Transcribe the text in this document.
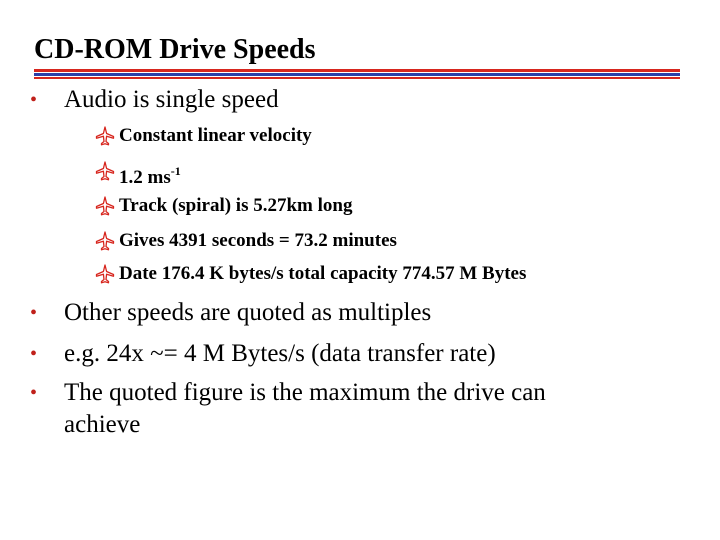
CD-ROM Drive Speeds
• Audio is single speed
Constant linear velocity
1.2 $ms^{-1}$
Track (spiral) is 5.27km long
Gives 4391 seconds = 73.2 minutes
Date 176.4 K bytes/s total capacity 774.57 M Bytes
• Other speeds are quoted as multiples
• e.g. 24x ~= 4 M Bytes/s (data transfer rate)
• The quoted figure is the maximum the drive can
achieve
